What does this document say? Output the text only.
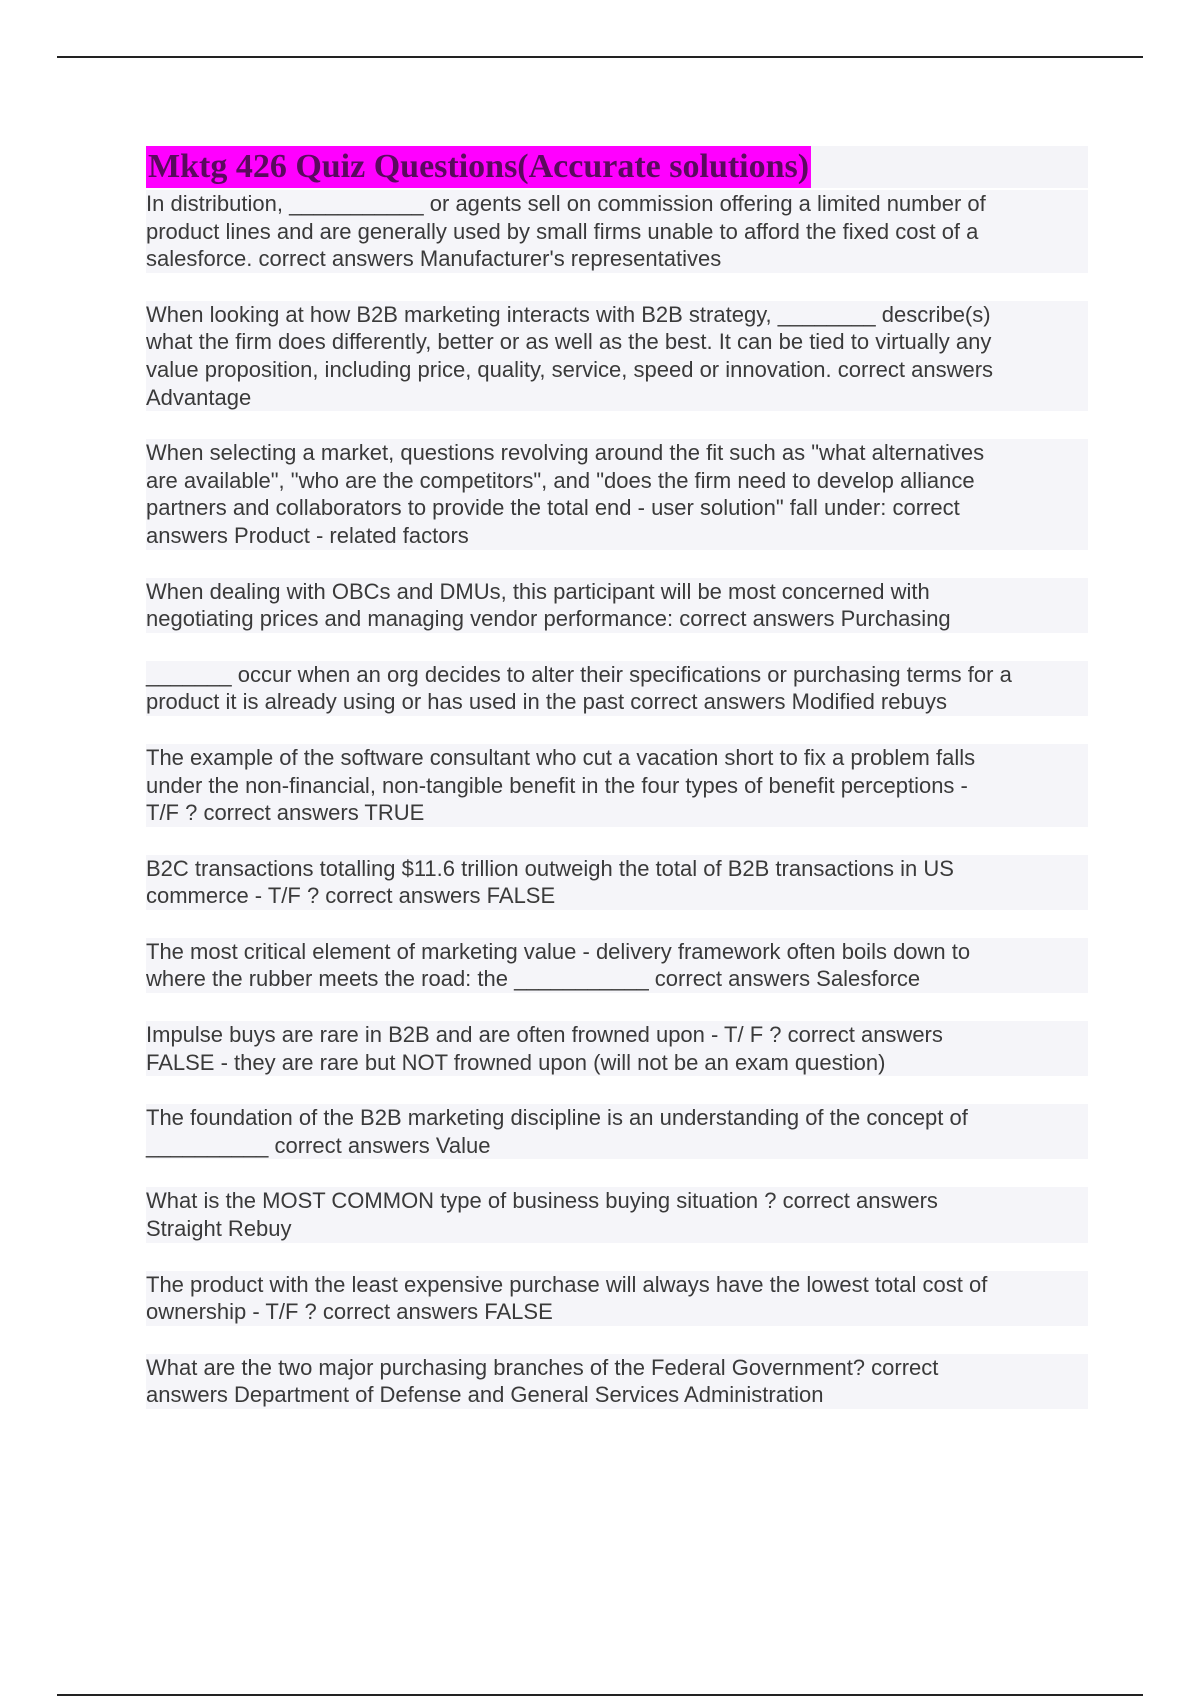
Mktg 426 Quiz Questions(Accurate solutions)

In distribution, ___________ or agents sell on commission offering a limited number of
product lines and are generally used by small firms unable to afford the fixed cost of a
salesforce. correct answers Manufacturer's representatives

When looking at how B2B marketing interacts with B2B strategy, ________ describe(s)
what the firm does differently, better or as well as the best. It can be tied to virtually any
value proposition, including price, quality, service, speed or innovation. correct answers
Advantage

When selecting a market, questions revolving around the fit such as "what alternatives
are available", "who are the competitors", and "does the firm need to develop alliance
partners and collaborators to provide the total end - user solution" fall under: correct
answers Product - related factors

When dealing with OBCs and DMUs, this participant will be most concerned with
negotiating prices and managing vendor performance: correct answers Purchasing

_______ occur when an org decides to alter their specifications or purchasing terms for a
product it is already using or has used in the past correct answers Modified rebuys

The example of the software consultant who cut a vacation short to fix a problem falls
under the non-financial, non-tangible benefit in the four types of benefit perceptions -
T/F ? correct answers TRUE

B2C transactions totalling $11.6 trillion outweigh the total of B2B transactions in US
commerce - T/F ? correct answers FALSE

The most critical element of marketing value - delivery framework often boils down to
where the rubber meets the road: the ___________ correct answers Salesforce

Impulse buys are rare in B2B and are often frowned upon - T/ F ? correct answers
FALSE - they are rare but NOT frowned upon (will not be an exam question)

The foundation of the B2B marketing discipline is an understanding of the concept of
__________ correct answers Value

What is the MOST COMMON type of business buying situation ? correct answers
Straight Rebuy

The product with the least expensive purchase will always have the lowest total cost of
ownership - T/F ? correct answers FALSE

What are the two major purchasing branches of the Federal Government? correct
answers Department of Defense and General Services Administration
